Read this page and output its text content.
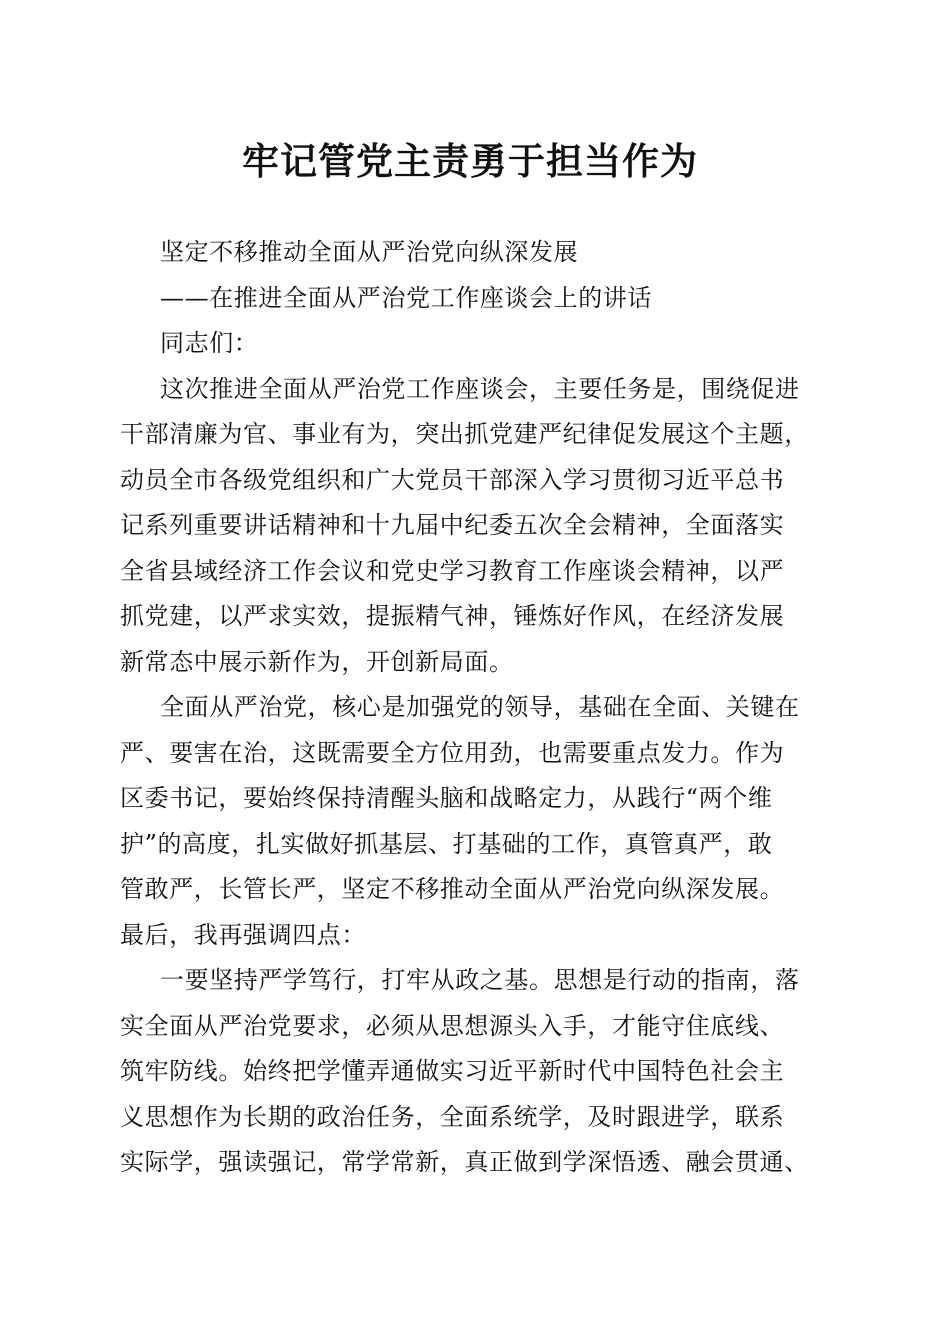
牢记管党主责勇于担当作为
坚定不移推动全面从严治党向纵深发展
——在推进全面从严治党工作座谈会上的讲话
同志们：
这次推进全面从严治党工作座谈会，主要任务是，围绕促进
干部清廉为官、事业有为，突出抓党建严纪律促发展这个主题，
动员全市各级党组织和广大党员干部深入学习贯彻习近平总书
记系列重要讲话精神和十九届中纪委五次全会精神，全面落实
全省县域经济工作会议和党史学习教育工作座谈会精神，以严
抓党建，以严求实效，提振精气神，锤炼好作风，在经济发展
新常态中展示新作为，开创新局面。
全面从严治党，核心是加强党的领导，基础在全面、关键在
严、要害在治，这既需要全方位用劲，也需要重点发力。作为
区委书记，要始终保持清醒头脑和战略定力，从践行“两个维
护”的高度，扎实做好抓基层、打基础的工作，真管真严，敢
管敢严，长管长严，坚定不移推动全面从严治党向纵深发展。
最后，我再强调四点：
一要坚持严学笃行，打牢从政之基。思想是行动的指南，落
实全面从严治党要求，必须从思想源头入手，才能守住底线、
筑牢防线。始终把学懂弄通做实习近平新时代中国特色社会主
义思想作为长期的政治任务，全面系统学，及时跟进学，联系
实际学，强读强记，常学常新，真正做到学深悟透、融会贯通、
